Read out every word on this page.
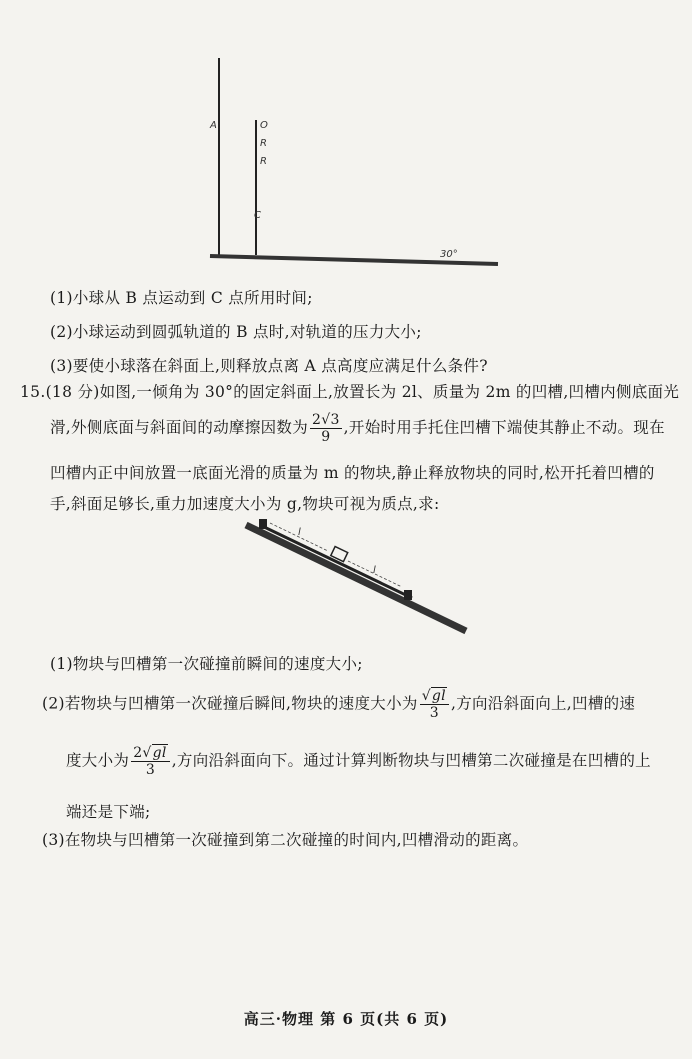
A	O
R
R
C
30°
(1)小球从 B 点运动到 C 点所用时间;
(2)小球运动到圆弧轨道的 B 点时,对轨道的压力大小;
(3)要使小球落在斜面上,则释放点离 A 点高度应满足什么条件?
15.(18 分)如图,一倾角为 30°的固定斜面上,放置长为 2l、质量为 2m 的凹槽,凹槽内侧底面光
滑,外侧底面与斜面间的动摩擦因数为 $\frac{2√3}{9}$ ,开始时用手托住凹槽下端使其静止不动。现在
凹槽内正中间放置一底面光滑的质量为 m 的物块,静止释放物块的同时,松开托着凹槽的
手,斜面足够长,重力加速度大小为 g,物块可视为质点,求:
l
l
(1)物块与凹槽第一次碰撞前瞬间的速度大小;
(2)若物块与凹槽第一次碰撞后瞬间,物块的速度大小为 $\frac{√gl}{3}$ ,方向沿斜面向上,凹槽的速
度大小为 $\frac{2√gl}{3}$ ,方向沿斜面向下。通过计算判断物块与凹槽第二次碰撞是在凹槽的上
端还是下端;
(3)在物块与凹槽第一次碰撞到第二次碰撞的时间内,凹槽滑动的距离。
高三·物理 第 6 页(共 6 页)
